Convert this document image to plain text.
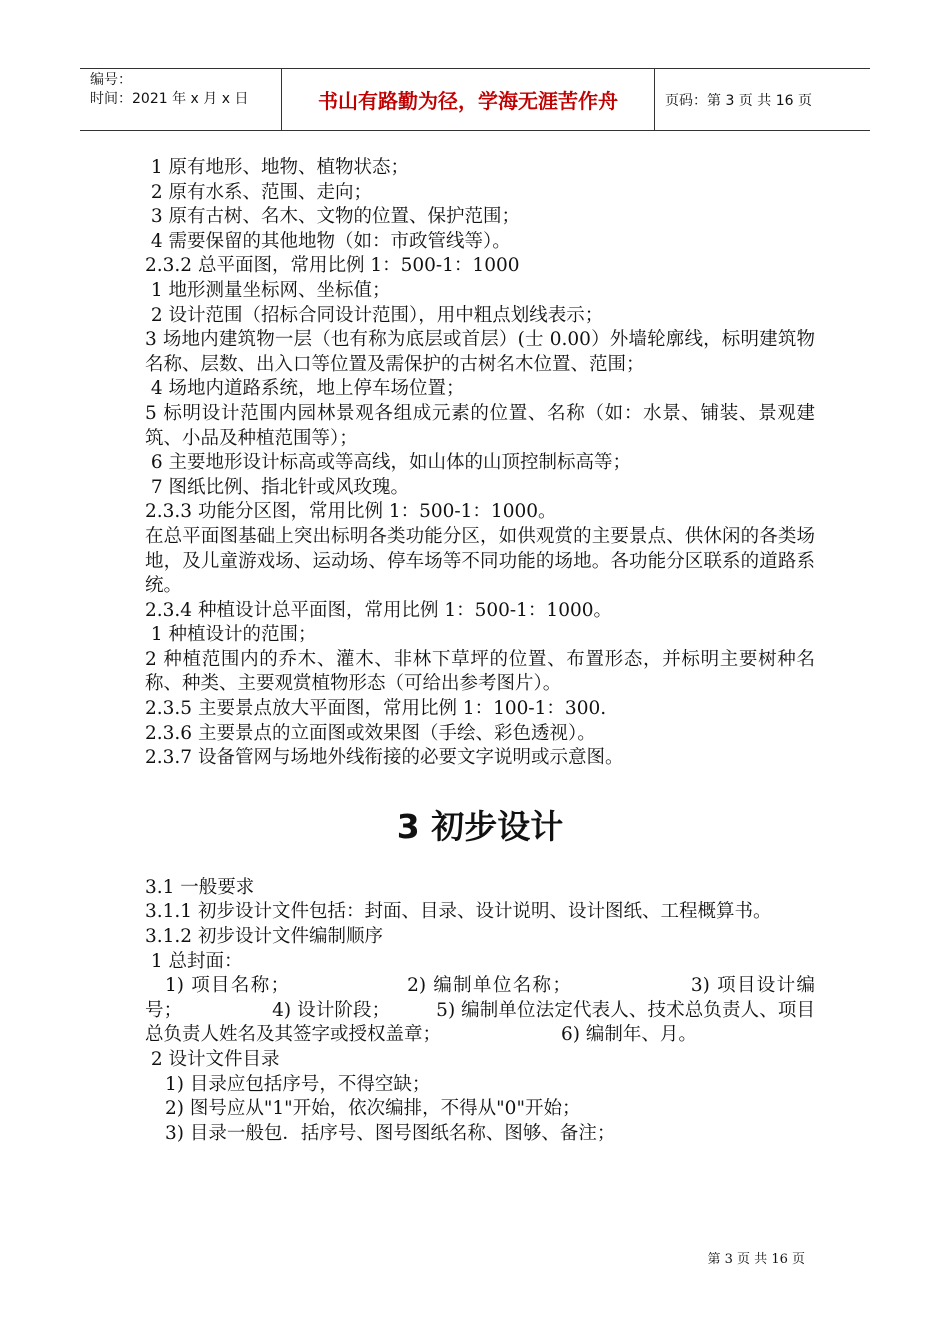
编号：
时间：2021 年 x 月 x 日	书山有路勤为径，学海无涯苦作舟	页码：第 3 页 共 16 页
1 原有地形、地物、植物状态；
2 原有水系、范围、走向；
3 原有古树、名木、文物的位置、保护范围；
4 需要保留的其他地物（如：市政管线等）。
2.3.2 总平面图，常用比例 1：500-1：1000
1 地形测量坐标网、坐标值；
2 设计范围（招标合同设计范围），用中粗点划线表示；
3 场地内建筑物一层（也有称为底层或首层）(士 0.00）外墙轮廓线，标明建筑物名称、层数、出入口等位置及需保护的古树名木位置、范围；
4 场地内道路系统，地上停车场位置；
5 标明设计范围内园林景观各组成元素的位置、名称（如：水景、铺装、景观建筑、小品及种植范围等）；
6 主要地形设计标高或等高线，如山体的山顶控制标高等；
7 图纸比例、指北针或风玫瑰。
2.3.3 功能分区图，常用比例 1：500-1：1000。
在总平面图基础上突出标明各类功能分区，如供观赏的主要景点、供休闲的各类场地，及儿童游戏场、运动场、停车场等不同功能的场地。各功能分区联系的道路系统。
2.3.4 种植设计总平面图，常用比例 1：500-1：1000。
1 种植设计的范围；
2 种植范围内的乔木、灌木、非林下草坪的位置、布置形态，并标明主要树种名称、种类、主要观赏植物形态（可给出参考图片）。
2.3.5 主要景点放大平面图，常用比例 1：100-1：300.
2.3.6 主要景点的立面图或效果图（手绘、彩色透视）。
2.3.7 设备管网与场地外线衔接的必要文字说明或示意图。
3 初步设计
3.1 一般要求
3.1.1 初步设计文件包括：封面、目录、设计说明、设计图纸、工程概算书。
3.1.2 初步设计文件编制顺序
1 总封面：
1) 项目名称；	2) 编制单位名称；	3) 项目设计编号；	4) 设计阶段； 5) 编制单位法定代表人、技术总负责人、项目总负责人姓名及其签字或授权盖章；	6) 编制年、月。
2 设计文件目录
1) 目录应包括序号，不得空缺；
2) 图号应从"1"开始，依次编排，不得从"0"开始；
3) 目录一般包．括序号、图号图纸名称、图够、备注；
第 3 页 共 16 页
